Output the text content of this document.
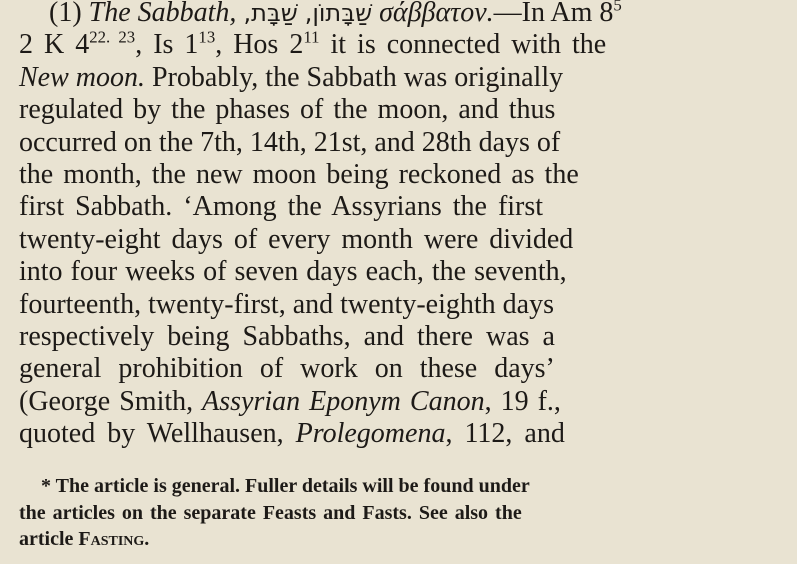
(1) The Sabbath, שַׁבָּת, שַׁבָּתוֹן, σάββατον.—In Am $8^5$
2 K $4^{22. 23}$, Is $1^{13}$, Hos $2^{11}$ it is connected with the
New moon. Probably, the Sabbath was originally
regulated by the phases of the moon, and thus
occurred on the 7th, 14th, 21st, and 28th days of
the month, the new moon being reckoned as the
first Sabbath. ‘Among the Assyrians the first
twenty-eight days of every month were divided
into four weeks of seven days each, the seventh,
fourteenth, twenty-first, and twenty-eighth days
respectively being Sabbaths, and there was a
general prohibition of work on these days’
(George Smith, Assyrian Eponym Canon, 19 f.,
quoted by Wellhausen, Prolegomena, 112, and
* The article is general. Fuller details will be found under
the articles on the separate Feasts and Fasts. See also the
article Fasting.
